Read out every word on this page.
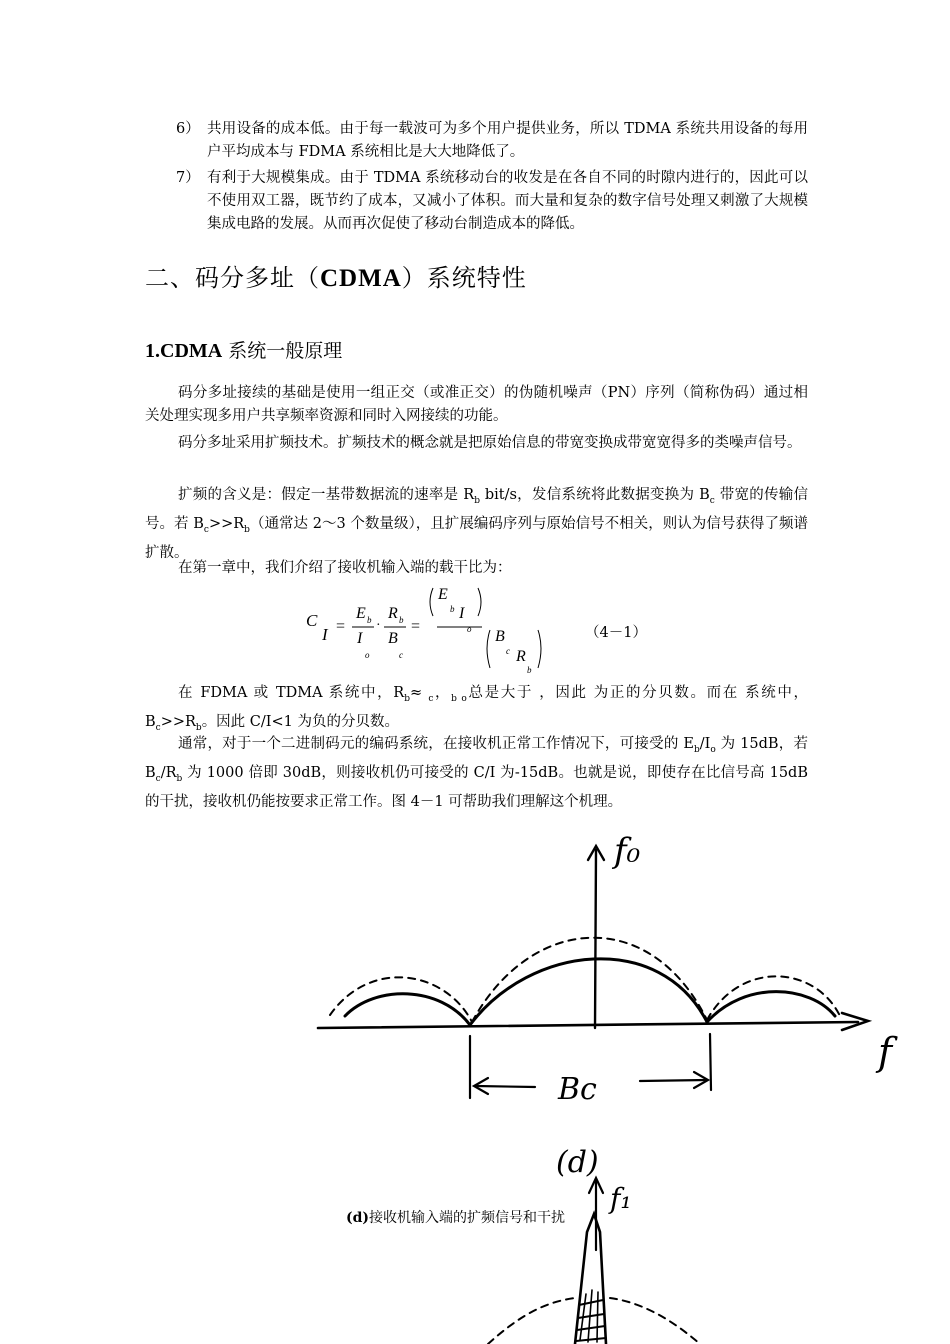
6） 共用设备的成本低。由于每一载波可为多个用户提供业务，所以 TDMA 系统共用设备的每用户平均成本与 FDMA 系统相比是大大地降低了。
7） 有利于大规模集成。由于 TDMA 系统移动台的收发是在各自不同的时隙内进行的，因此可以不使用双工器，既节约了成本，又减小了体积。而大量和复杂的数字信号处理又刺激了大规模集成电路的发展。从而再次促使了移动台制造成本的降低。
二、码分多址（CDMA）系统特性
1.CDMA 系统一般原理
码分多址接续的基础是使用一组正交（或准正交）的伪随机噪声（PN）序列（简称伪码）通过相关处理实现多用户共享频率资源和同时入网接续的功能。
码分多址采用扩频技术。扩频技术的概念就是把原始信息的带宽变换成带宽宽得多的类噪声信号。
扩频的含义是：假定一基带数据流的速率是 $R_b$ bit/s，发信系统将此数据变换为 $B_c$ 带宽的传输信号。若 $B_c>>R_b$（通常达 2～3 个数量级），且扩展编码序列与原始信号不相关，则认为信号获得了频谱扩散。
在第一章中，我们介绍了接收机输入端的载干比为：
C
I =
E b
I
o
·
R b
B
c
=
E
b I
o B
c R
b
（4－1）
在 FDMA 或 TDMA 系统中，$R_b\approx _c$，$_{b o}$总是大于 ，因此 为正的分贝数。而在 系统中，$B_c>>R_b$。因此 C/I<1 为负的分贝数。
通常，对于一个二进制码元的编码系统，在接收机正常工作情况下，可接受的 $E_b/I_o$ 为 15dB，若 $B_c/R_b$ 为 1000 倍即 30dB，则接收机仍可接受的 C/I 为-15dB。也就是说，即使存在比信号高 15dB 的干扰，接收机仍能按要求正常工作。图 4－1 可帮助我们理解这个机理。
f₀
f
Bc
(d)
f₁
(d)接收机输入端的扩频信号和干扰
